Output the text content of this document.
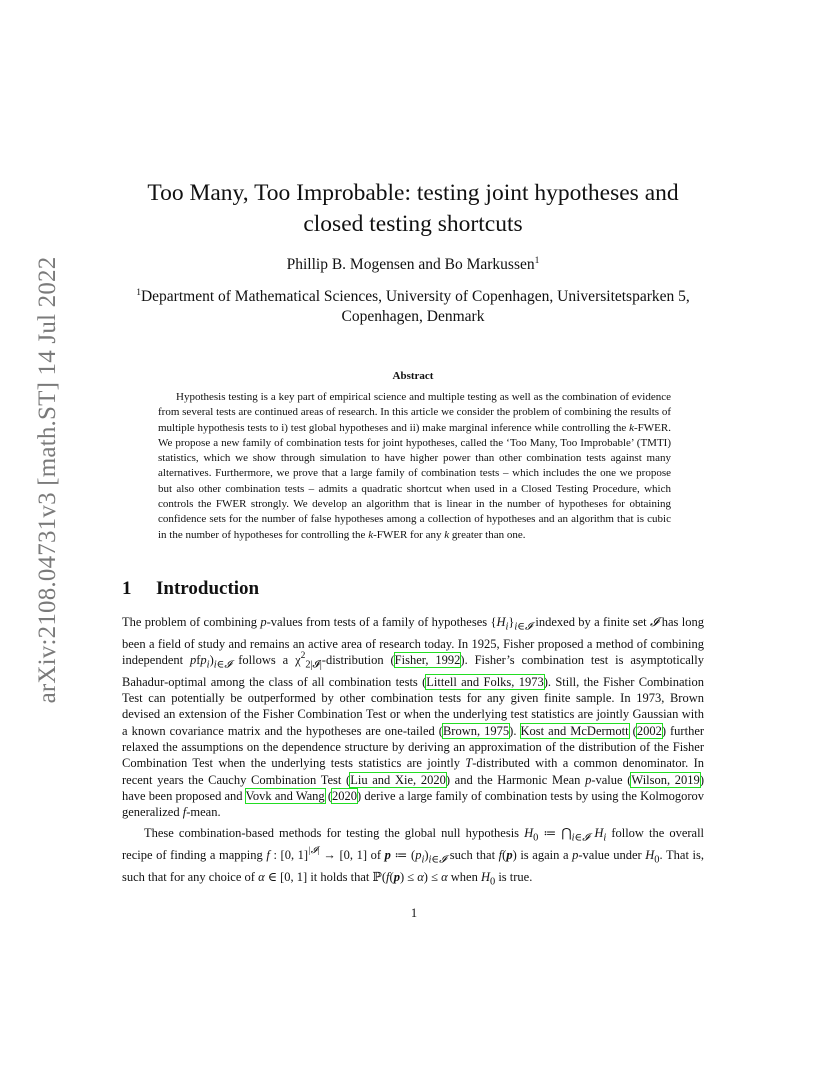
arXiv:2108.04731v3 [math.ST] 14 Jul 2022
Too Many, Too Improbable: testing joint hypotheses and closed testing shortcuts
Phillip B. Mogensen and Bo Markussen$^1$
$^1$Department of Mathematical Sciences, University of Copenhagen, Universitetsparken 5, Copenhagen, Denmark
Abstract

Hypothesis testing is a key part of empirical science and multiple testing as well as the combination of evidence from several tests are continued areas of research. In this article we consider the problem of combining the results of multiple hypothesis tests to i) test global hypotheses and ii) make marginal inference while controlling the k-FWER. We propose a new family of combination tests for joint hypotheses, called the ‘Too Many, Too Improbable’ (TMTI) statistics, which we show through simulation to have higher power than other combination tests against many alternatives. Furthermore, we prove that a large family of combination tests – which includes the one we propose but also other combination tests – admits a quadratic shortcut when used in a Closed Testing Procedure, which controls the FWER strongly. We develop an algorithm that is linear in the number of hypotheses for obtaining confidence sets for the number of false hypotheses among a collection of hypotheses and an algorithm that is cubic in the number of hypotheses for controlling the k-FWER for any k greater than one.

1 Introduction

The problem of combining p-values from tests of a family of hypotheses $\{H_i\}_{i\in 𝓘}$ indexed by a finite set 𝓘 has long been a field of study and remains an active area of research today. In 1925, Fisher proposed a method of combining independent $pfp_i)_{i\in 𝓘}$ follows a $\chi^2_{2|𝓘|}$-distribution (Fisher, 1992). Fisher’s combination test is asymptotically Bahadur-optimal among the class of all combination tests (Littell and Folks, 1973). Still, the Fisher Combination Test can potentially be outperformed by other combination tests for any given finite sample. In 1973, Brown devised an extension of the Fisher Combination Test or when the underlying test statistics are jointly Gaussian with a known covariance matrix and the hypotheses are one-tailed (Brown, 1975). Kost and McDermott (2002) further relaxed the assumptions on the dependence structure by deriving an approximation of the distribution of the Fisher Combination Test when the underlying tests statistics are jointly T-distributed with a common denominator. In recent years the Cauchy Combination Test (Liu and Xie, 2020) and the Harmonic Mean p-value (Wilson, 2019) have been proposed and Vovk and Wang (2020) derive a large family of combination tests by using the Kolmogorov generalized f-mean.

These combination-based methods for testing the global null hypothesis $H_0$ ≔ $⋂_{i\in 𝓘}$ $H_i$ follow the overall recipe of finding a mapping f : [0, 1]$^{|𝓘|}$ → [0, 1] of p ≔ $(p_i)_{i\in 𝓘}$ such that f(p) is again a p-value under $H_0$. That is, such that for any choice of α ∈ [0, 1] it holds that ℙ(f(p) ≤ α) ≤ α when $H_0$ is true.

1
